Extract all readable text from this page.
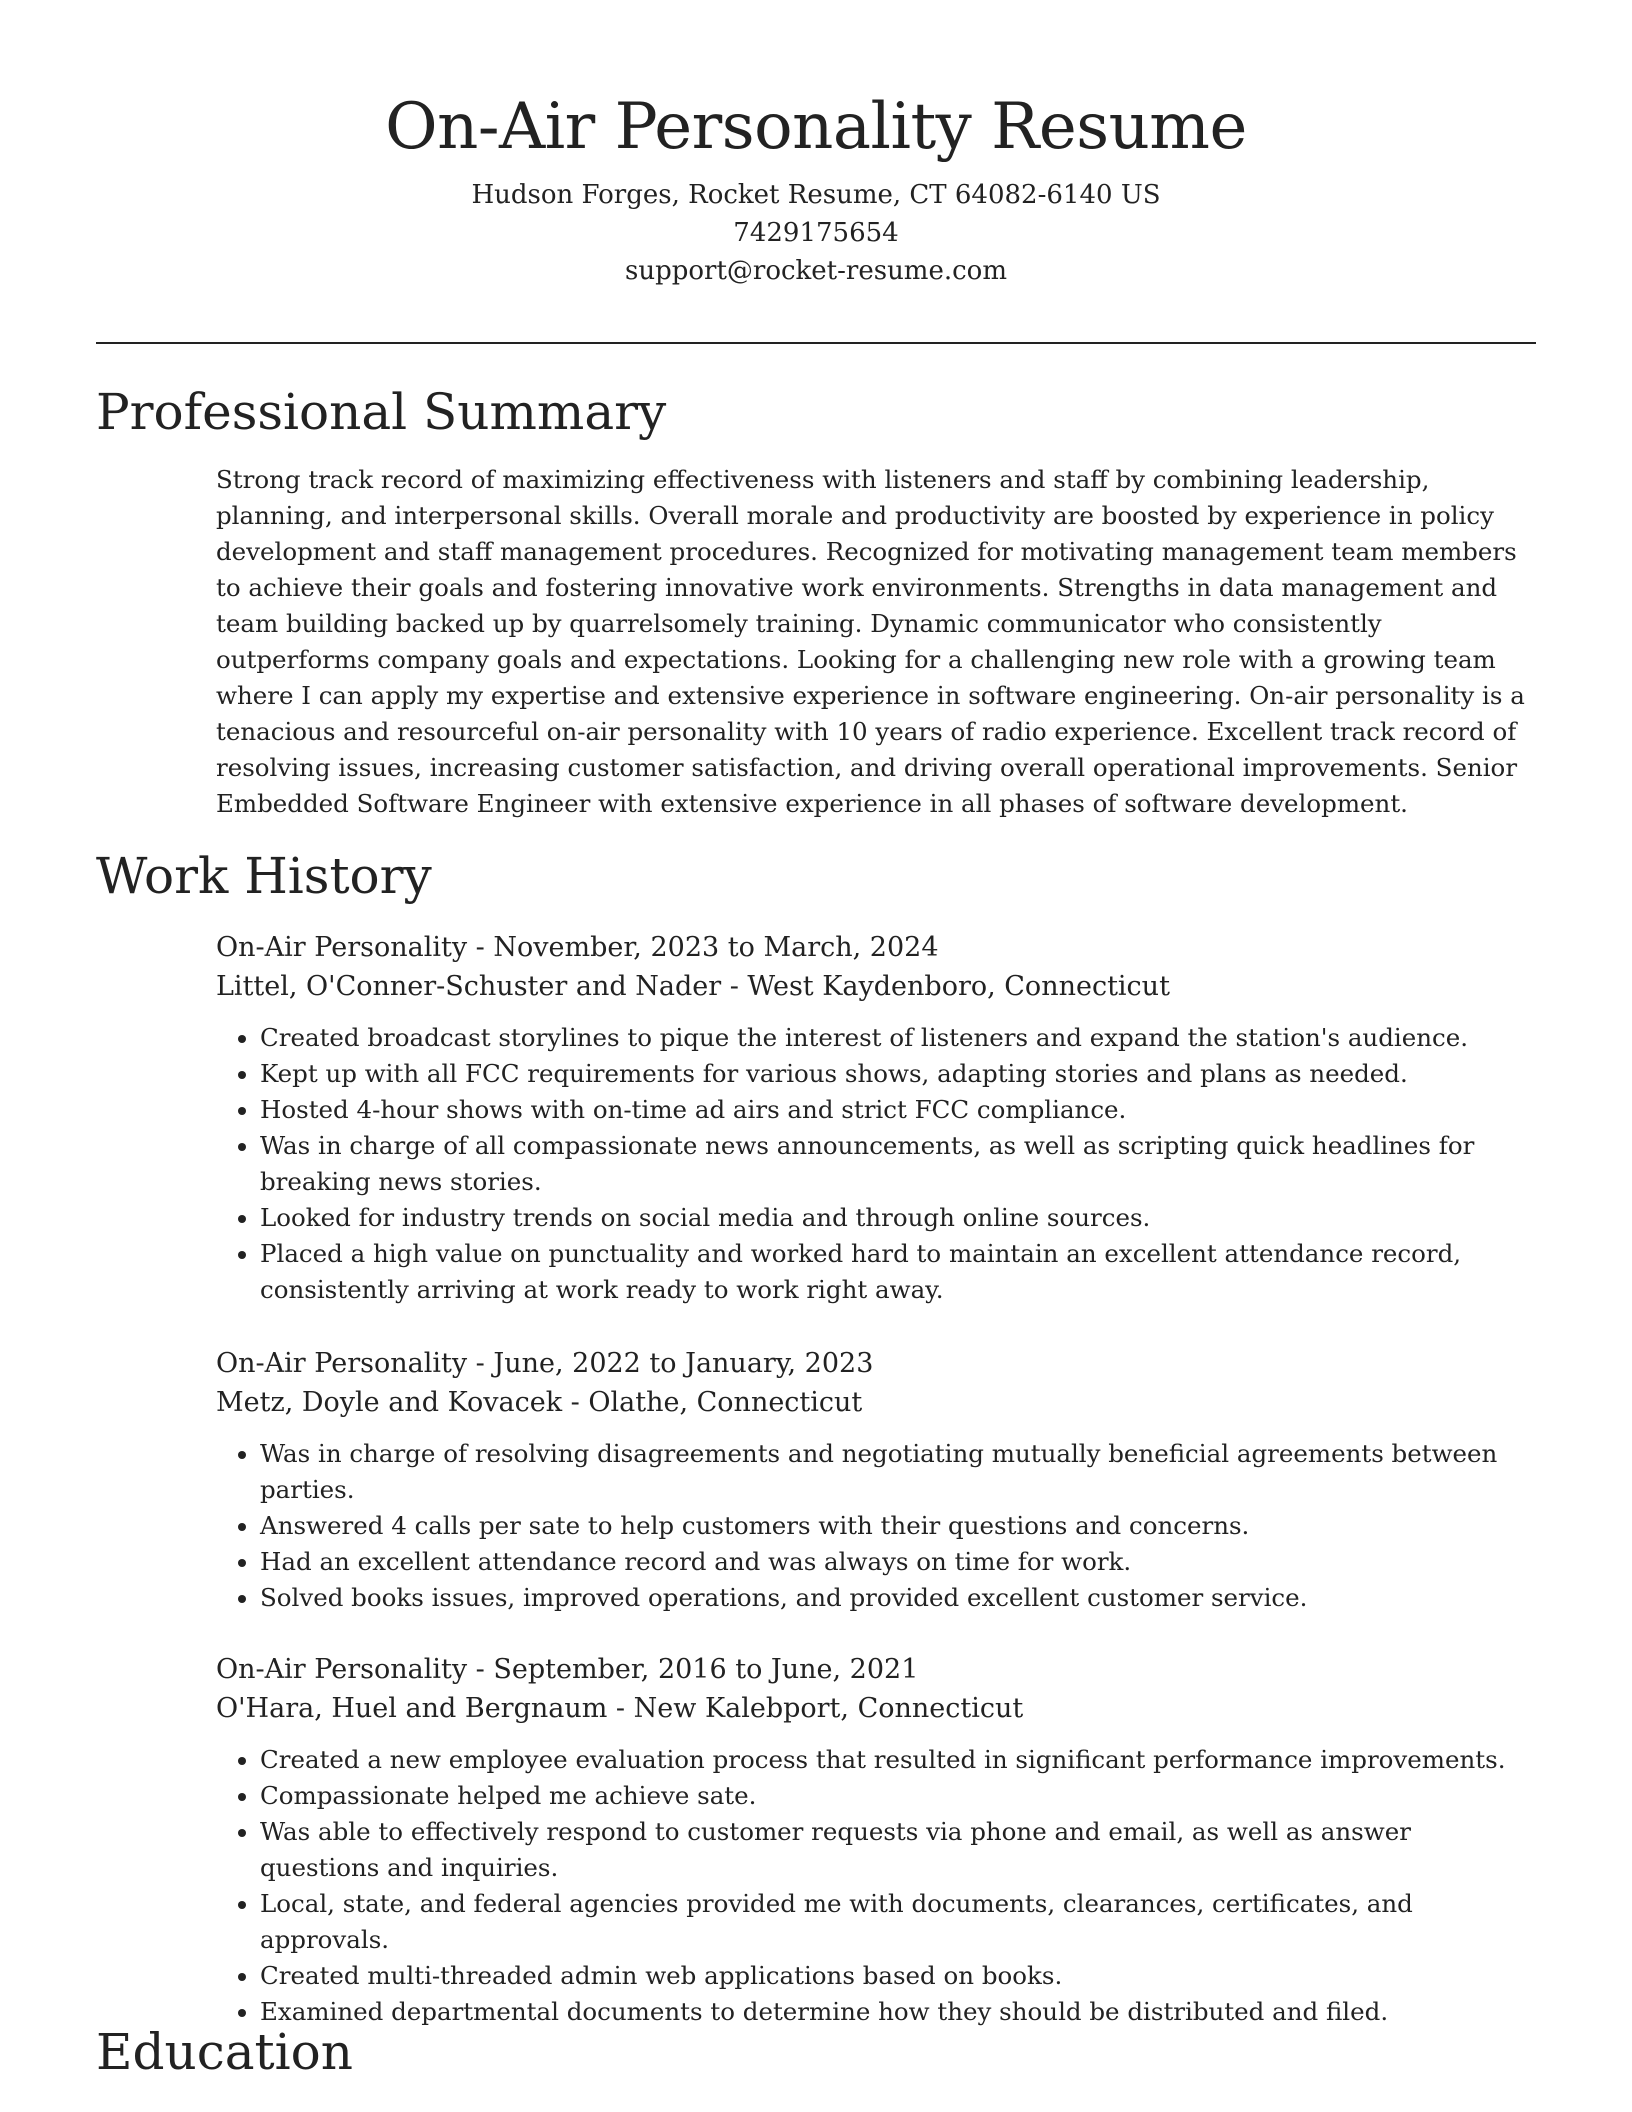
On-Air Personality Resume

Hudson Forges, Rocket Resume, CT 64082-6140 US

7429175654

support@rocket-resume.com

Professional Summary

Strong track record of maximizing effectiveness with listeners and staff by combining leadership, planning, and interpersonal skills. Overall morale and productivity are boosted by experience in policy development and staff management procedures. Recognized for motivating management team members to achieve their goals and fostering innovative work environments. Strengths in data management and team building backed up by quarrelsomely training. Dynamic communicator who consistently outperforms company goals and expectations. Looking for a challenging new role with a growing team where I can apply my expertise and extensive experience in software engineering. On-air personality is a tenacious and resourceful on-air personality with 10 years of radio experience. Excellent track record of resolving issues, increasing customer satisfaction, and driving overall operational improvements. Senior Embedded Software Engineer with extensive experience in all phases of software development.

Work History

On-Air Personality - November, 2023 to March, 2024

Littel, O'Conner-Schuster and Nader - West Kaydenboro, Connecticut

• Created broadcast storylines to pique the interest of listeners and expand the station's audience.
• Kept up with all FCC requirements for various shows, adapting stories and plans as needed.
• Hosted 4-hour shows with on-time ad airs and strict FCC compliance.
• Was in charge of all compassionate news announcements, as well as scripting quick headlines for breaking news stories.
• Looked for industry trends on social media and through online sources.
• Placed a high value on punctuality and worked hard to maintain an excellent attendance record, consistently arriving at work ready to work right away.

On-Air Personality - June, 2022 to January, 2023

Metz, Doyle and Kovacek - Olathe, Connecticut

• Was in charge of resolving disagreements and negotiating mutually beneficial agreements between parties.
• Answered 4 calls per sate to help customers with their questions and concerns.
• Had an excellent attendance record and was always on time for work.
• Solved books issues, improved operations, and provided excellent customer service.

On-Air Personality - September, 2016 to June, 2021

O'Hara, Huel and Bergnaum - New Kalebport, Connecticut

• Created a new employee evaluation process that resulted in significant performance improvements.
• Compassionate helped me achieve sate.
• Was able to effectively respond to customer requests via phone and email, as well as answer questions and inquiries.
• Local, state, and federal agencies provided me with documents, clearances, certificates, and approvals.
• Created multi-threaded admin web applications based on books.
• Examined departmental documents to determine how they should be distributed and filed.
Education
